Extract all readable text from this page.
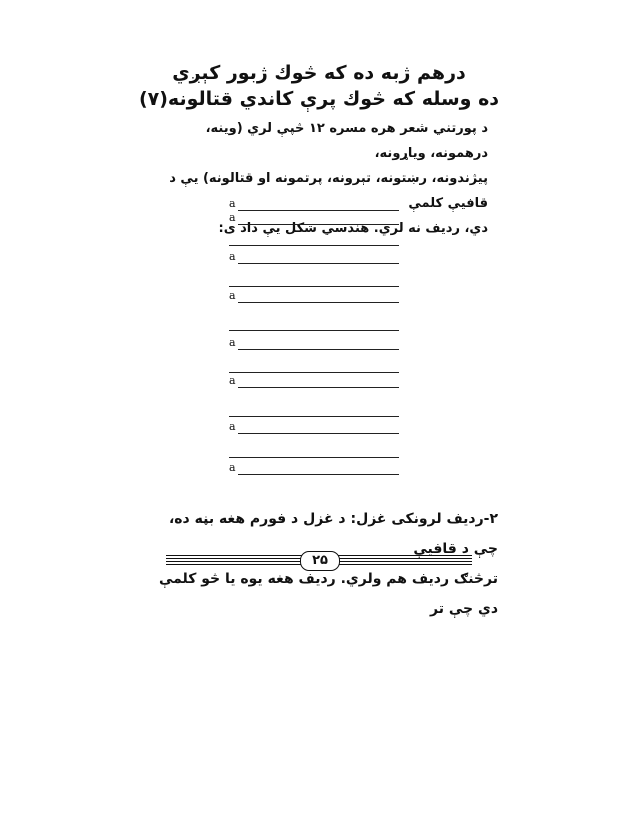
درهم ژبه ده كه څوك ژبور كېږي
ده وسله كه څوك پرې كاندي قتالونه(۷)
د پورتني شعر هره مسره ۱۲ څپې لري (وينه، درهمونه، وياړونه،
پيژندونه، رښتونه، تېرونه، پرتمونه او قتالونه) يې د قافيې كلمې
دي، رديف نه لري. هندسي شكل يې داد ى:
a
a
a
a
a
a
a
a
۲-رديف لرونكى غزل: د غزل د فورم هغه بڼه ده، چې د قافيې
ترڅنګ رديف هم ولري. رديف هغه يوه يا څو كلمې دي چې تر
۲۵
